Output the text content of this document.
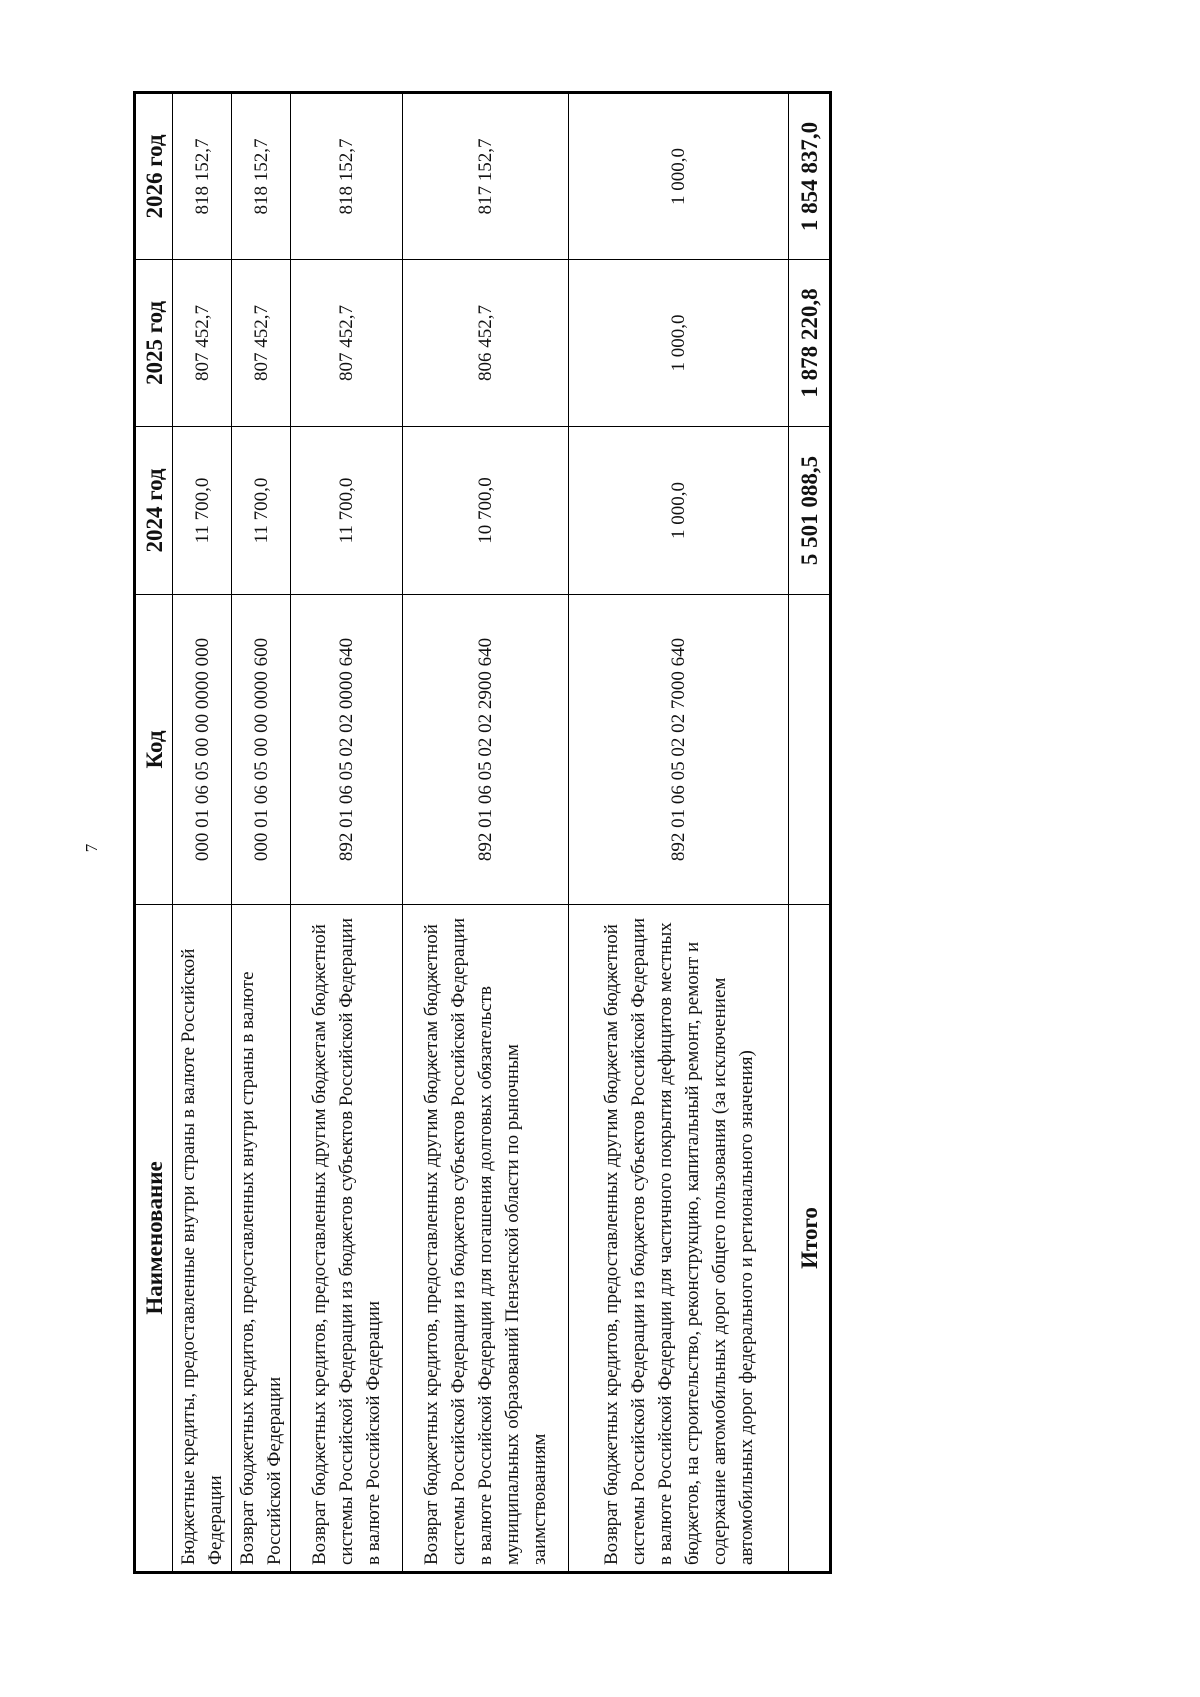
7
Наименование	Код	2024 год	2025 год	2026 год
Бюджетные кредиты, предоставленные внутри страны в валюте Российской Федерации	000 01 06 05 00 00 0000 000	11 700,0	807 452,7	818 152,7
Возврат бюджетных кредитов, предоставленных внутри страны в валюте Российской Федерации	000 01 06 05 00 00 0000 600	11 700,0	807 452,7	818 152,7
Возврат бюджетных кредитов, предоставленных другим бюджетам бюджетной системы Российской Федерации из бюджетов субъектов Российской Федерации в валюте Российской Федерации	892 01 06 05 02 02 0000 640	11 700,0	807 452,7	818 152,7
Возврат бюджетных кредитов, предоставленных другим бюджетам бюджетной системы Российской Федерации из бюджетов субъектов Российской Федерации в валюте Российской Федерации для погашения долговых обязательств муниципальных образований Пензенской области по рыночным заимствованиям	892 01 06 05 02 02 2900 640	10 700,0	806 452,7	817 152,7
Возврат бюджетных кредитов, предоставленных другим бюджетам бюджетной системы Российской Федерации из бюджетов субъектов Российской Федерации в валюте Российской Федерации для частичного покрытия дефицитов местных бюджетов, на строительство, реконструкцию, капитальный ремонт, ремонт и содержание автомобильных дорог общего пользования (за исключением автомобильных дорог федерального и регионального значения)	892 01 06 05 02 02 7000 640	1 000,0	1 000,0	1 000,0
Итого		5 501 088,5	1 878 220,8	1 854 837,0
